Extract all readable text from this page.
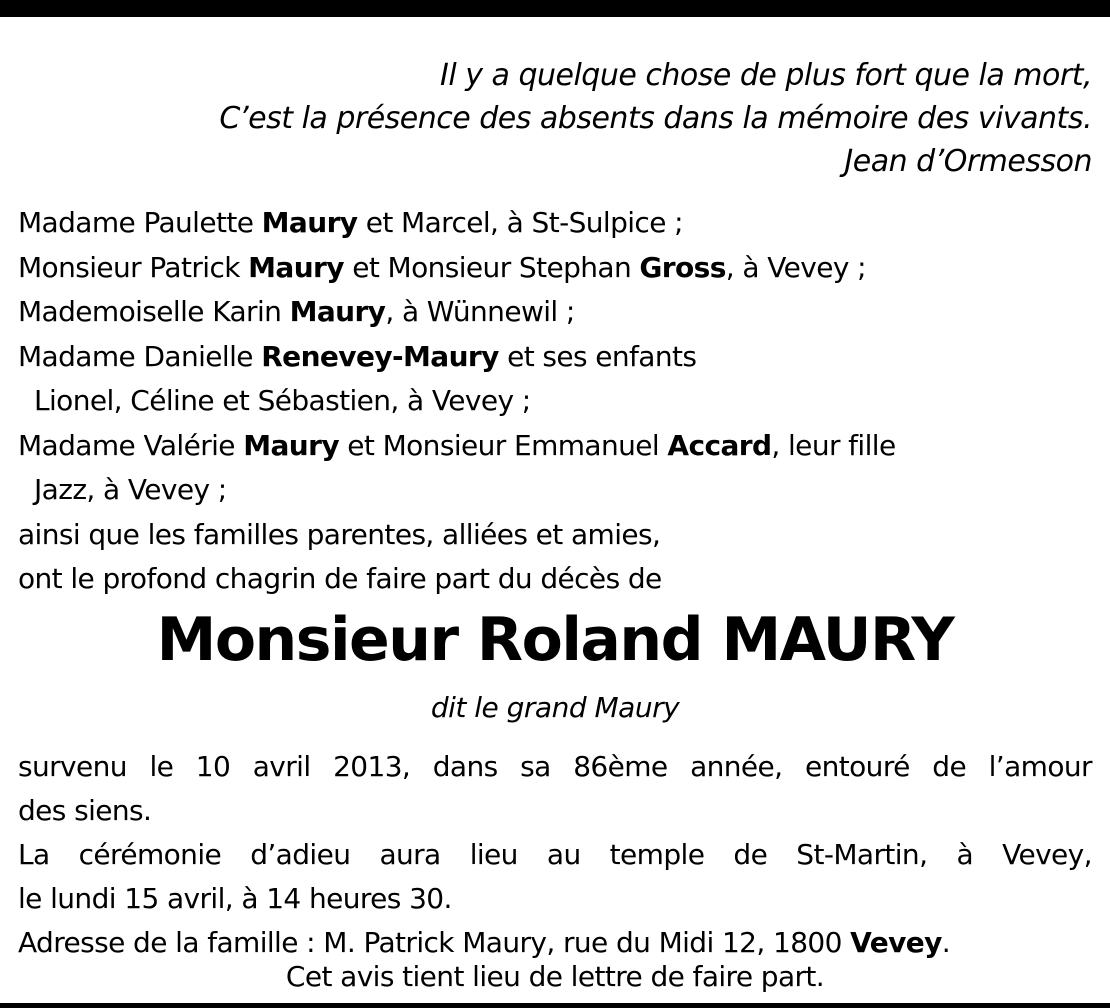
Il y a quelque chose de plus fort que la mort,
C’est la présence des absents dans la mémoire des vivants.
Jean d’Ormesson
Madame Paulette Maury et Marcel, à St-Sulpice ;
Monsieur Patrick Maury et Monsieur Stephan Gross, à Vevey ;
Mademoiselle Karin Maury, à Wünnewil ;
Madame Danielle Renevey-Maury et ses enfants
Lionel, Céline et Sébastien, à Vevey ;
Madame Valérie Maury et Monsieur Emmanuel Accard, leur fille
Jazz, à Vevey ;
ainsi que les familles parentes, alliées et amies,
ont le profond chagrin de faire part du décès de
Monsieur Roland MAURY
dit le grand Maury
survenu le 10 avril 2013, dans sa 86ème année, entouré de l’amour
des siens.
La cérémonie d’adieu aura lieu au temple de St-Martin, à Vevey,
le lundi 15 avril, à 14 heures 30.
Adresse de la famille : M. Patrick Maury, rue du Midi 12, 1800 Vevey.
Cet avis tient lieu de lettre de faire part.
